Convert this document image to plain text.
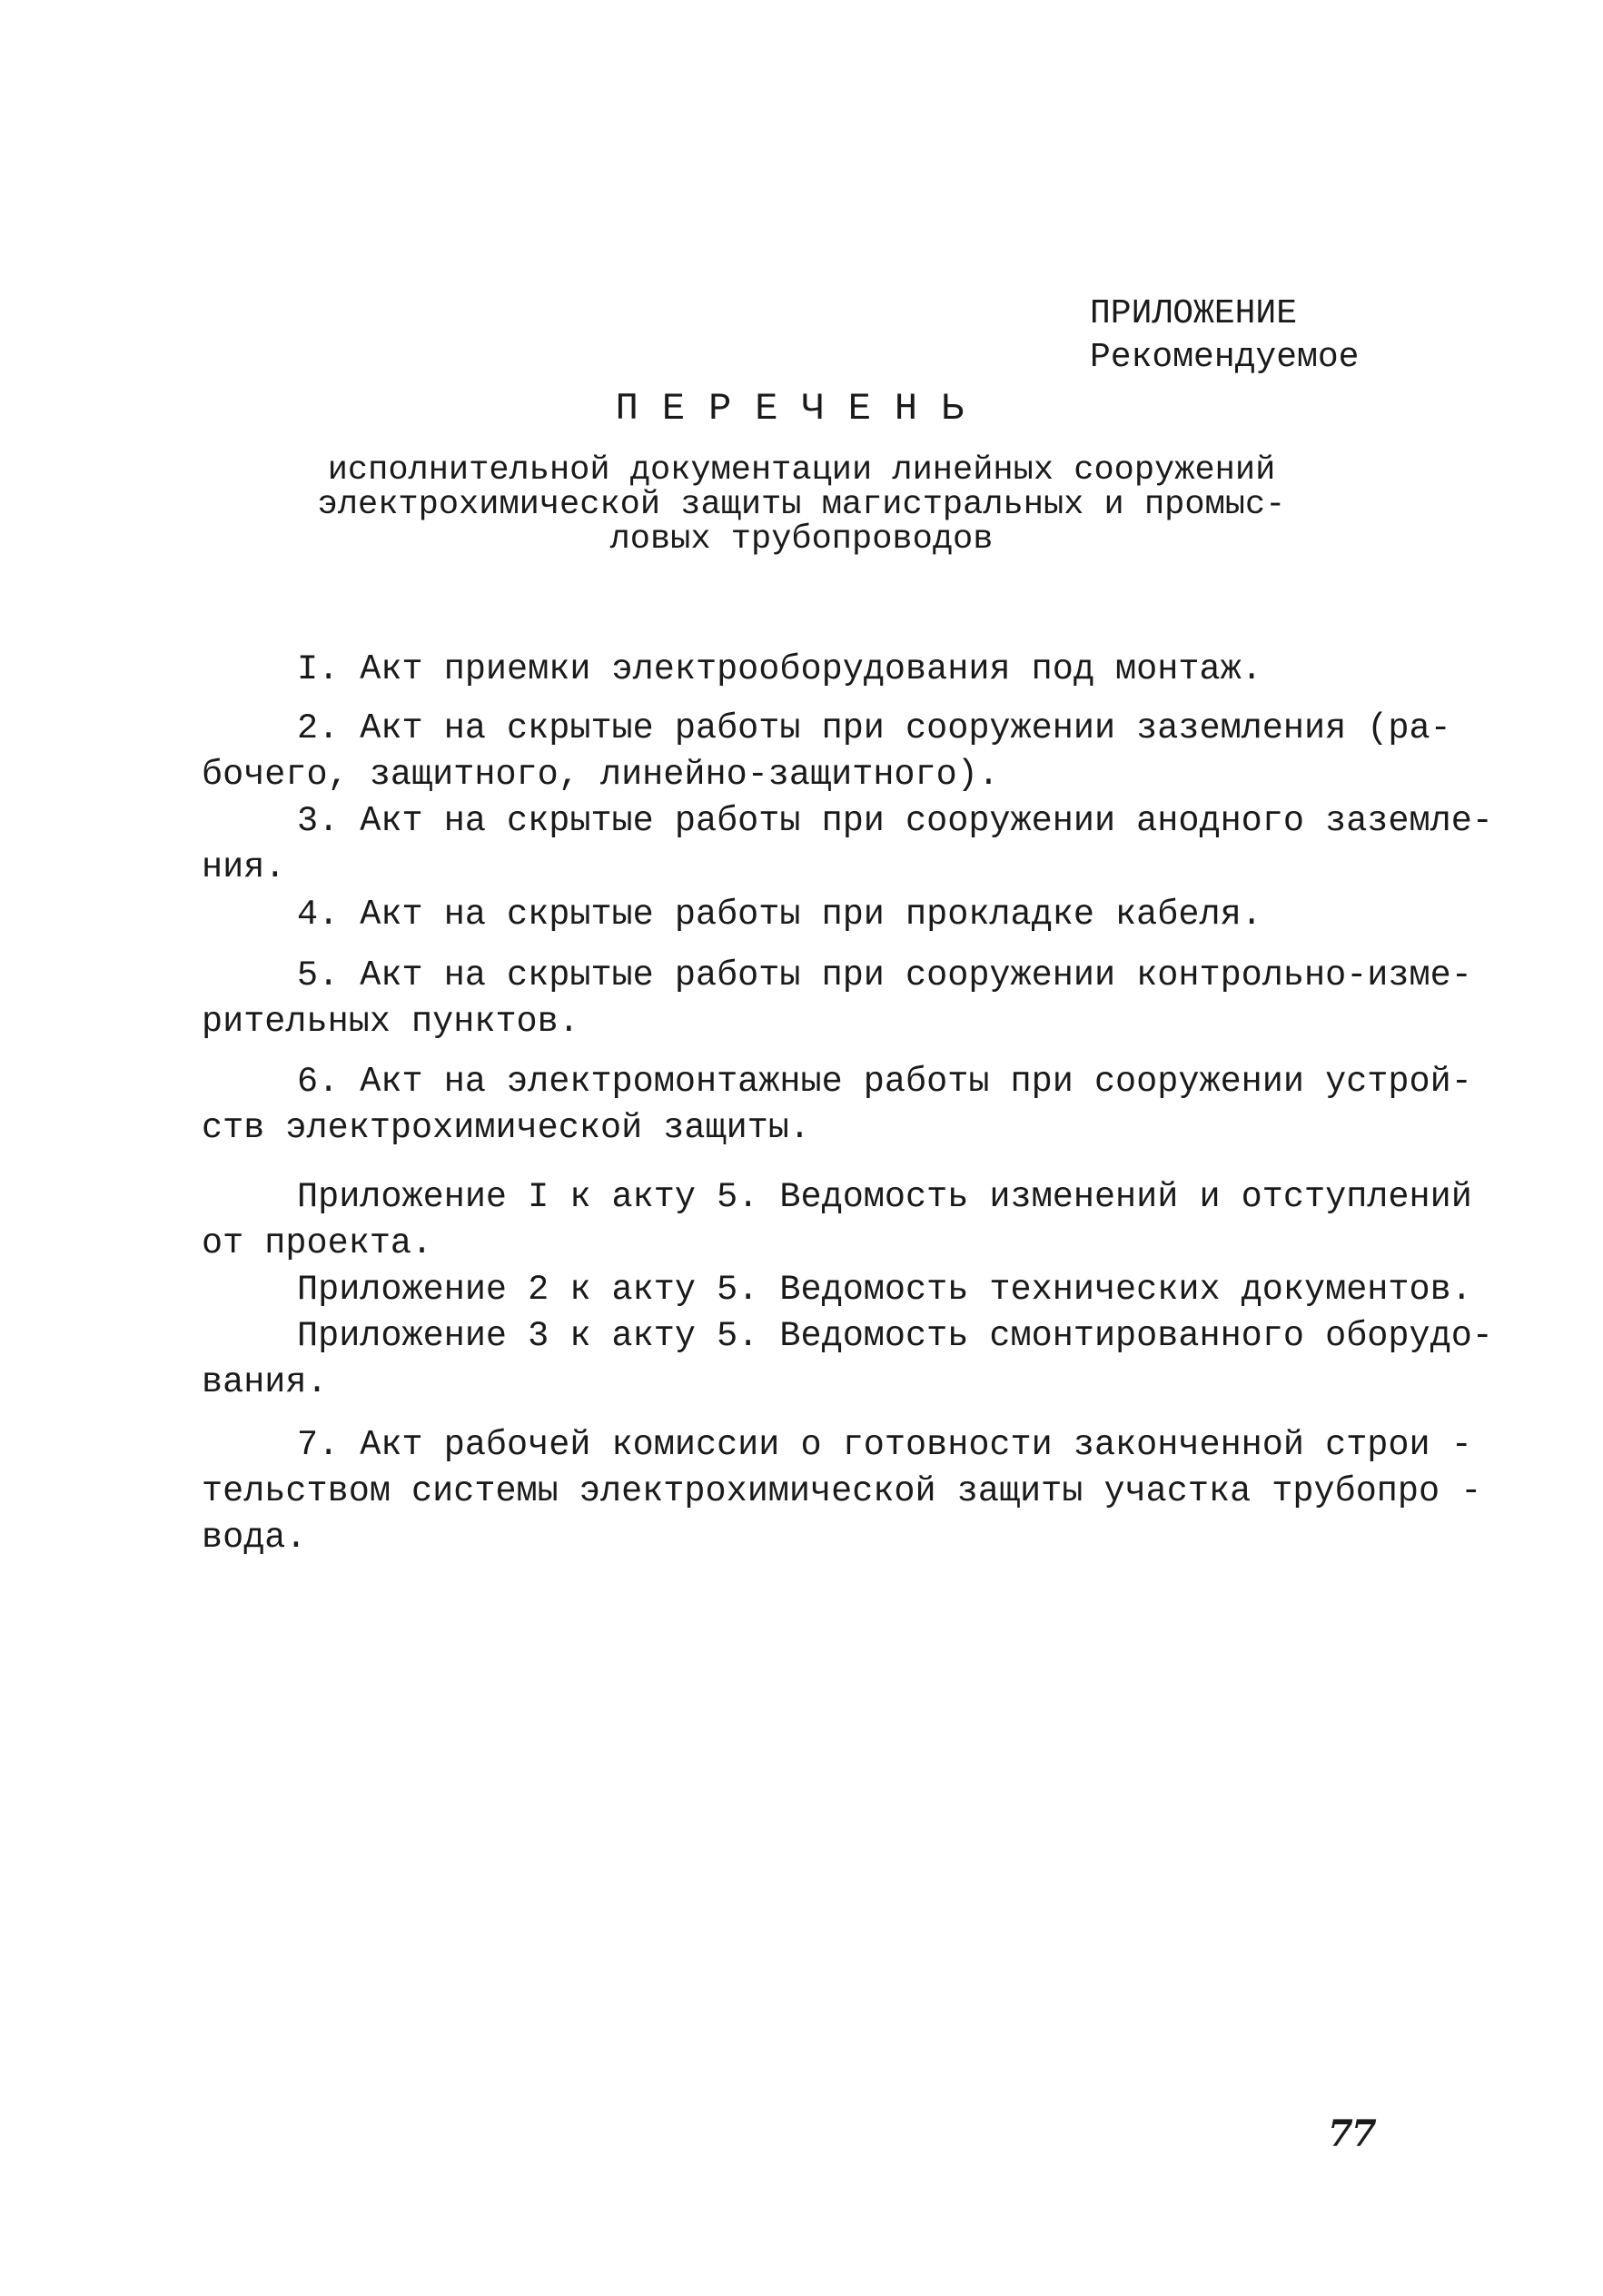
ПРИЛОЖЕНИЕ
Рекомендуемое
ПЕРЕЧЕНЬ
исполнительной документации линейных сооружений
электрохимической защиты магистральных и промыс-
ловых трубопроводов
I. Акт приемки электрооборудования под монтаж.
2. Акт на скрытые работы при сооружении заземления (ра-
бочего, защитного, линейно-защитного).
3. Акт на скрытые работы при сооружении анодного заземле-
ния.
4. Акт на скрытые работы при прокладке кабеля.
5. Акт на скрытые работы при сооружении контрольно-изме-
рительных пунктов.
6. Акт на электромонтажные работы при сооружении устрой-
ств электрохимической защиты.
Приложение I к акту 5. Ведомость изменений и отступлений
от проекта.
Приложение 2 к акту 5. Ведомость технических документов.
Приложение 3 к акту 5. Ведомость смонтированного оборудо-
вания.
7. Акт рабочей комиссии о готовности законченной строи -
тельством системы электрохимической защиты участка трубопро -
вода.
77
